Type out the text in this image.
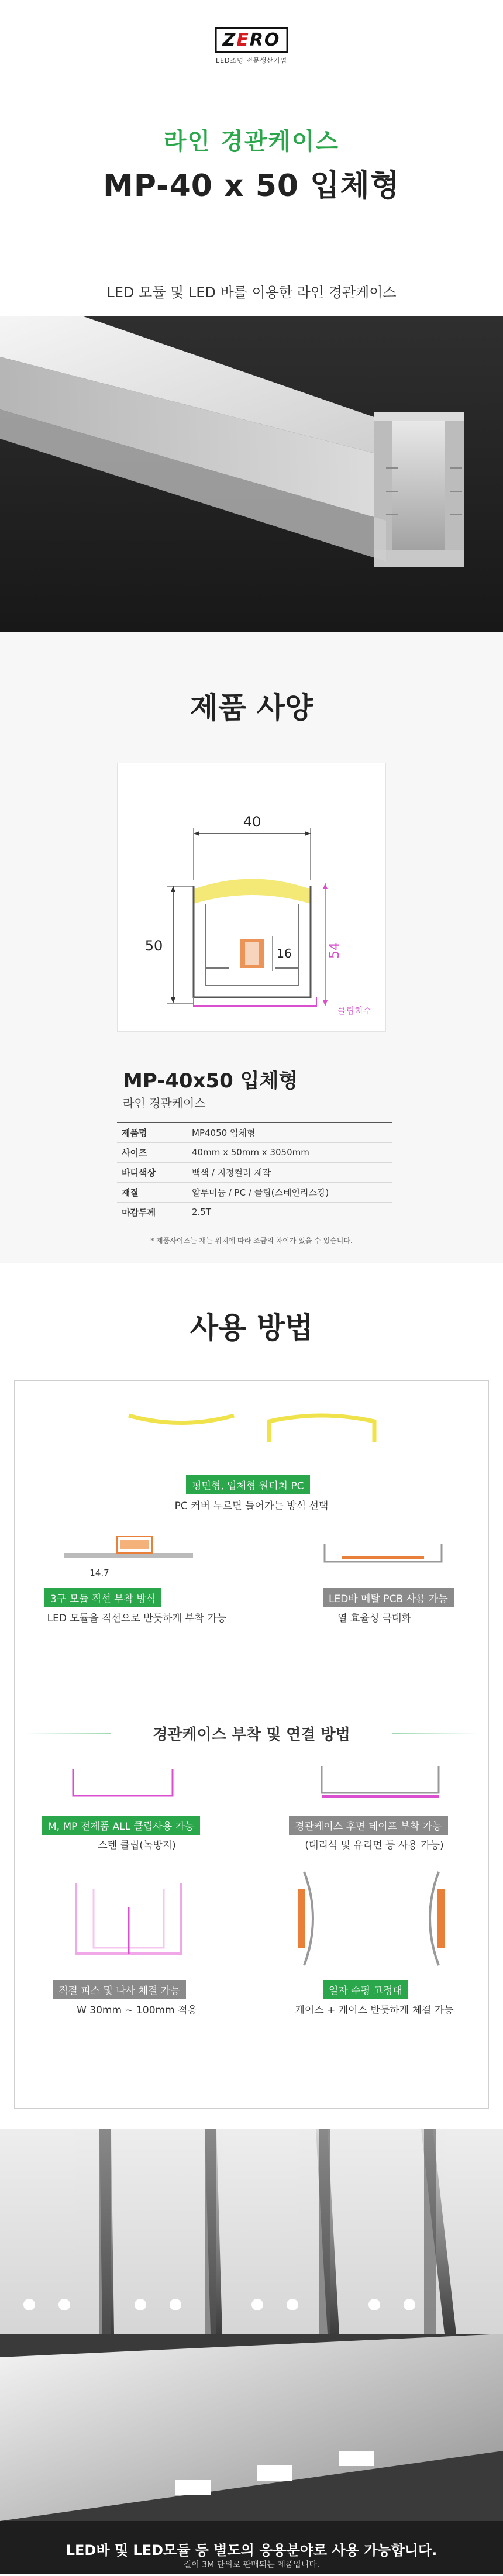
ZERO
LED조명 전문생산기업
라인 경관케이스
MP-40 x 50 입체형
LED 모듈 및 LED 바를 이용한 라인 경관케이스
제품 사양
40
50	16	54
클립치수
MP-40x50 입체형
라인 경관케이스
제품명	MP4050 입체형
사이즈	40mm x 50mm x 3050mm
바디색상	백색 / 지정컬러 제작
재질	알루미늄 / PC / 클립(스테인리스강)
마감두께	2.5T
* 제품사이즈는 재는 위치에 따라 조금의 차이가 있을 수 있습니다.
사용 방법
평면형, 입체형 원터치 PC
PC 커버 누르면 들어가는 방식 선택
14.7
3구 모듈 직선 부착 방식
LED 모듈을 직선으로 반듯하게 부착 가능
LED바 메탈 PCB 사용 가능
열 효율성 극대화
경관케이스 부착 및 연결 방법
M, MP 전제품 ALL 클립사용 가능
스텐 클립(녹방지)
경관케이스 후면 테이프 부착 가능
(대리석 및 유리면 등 사용 가능)
직결 피스 및 나사 체결 가능
W 30mm ~ 100mm 적용
일자 수평 고정대
케이스 + 케이스 반듯하게 체결 가능
LED바 및 LED모듈 등 별도의 응용분야로 사용 가능합니다.
길이 3M 단위로 판매되는 제품입니다.
